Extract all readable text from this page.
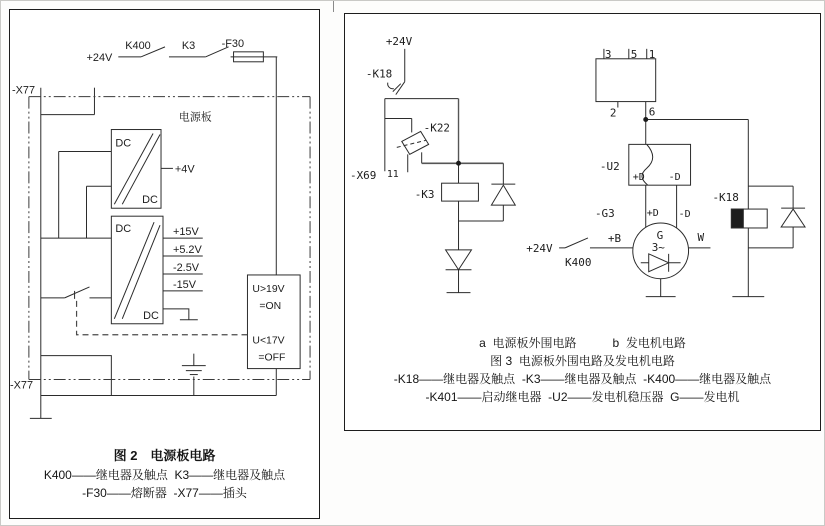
+24V
K400	K3 -F30
-X77
-X77
电源板
DC
DC
+4V
DC
DC
+15V
+5.2V
-2.5V
-15V	U>19V
=ON
U<17V
=OFF
图 2　电源板电路
K400——继电器及触点  K3——继电器及触点
-F30——熔断器  -X77——插头
+24V
-K18
-K22
-X69 11
-K3
3 5 1
2	6
-U2
+D -D
-G3	+D -D
G
3~
+24V
K400
+B	W
-K18
a  电源板外围电路　　　b  发电机电路
图 3  电源板外围电路及发电机电路
-K18——继电器及触点  -K3——继电器及触点  -K400——继电器及触点
-K401——启动继电器  -U2——发电机稳压器  G——发电机
